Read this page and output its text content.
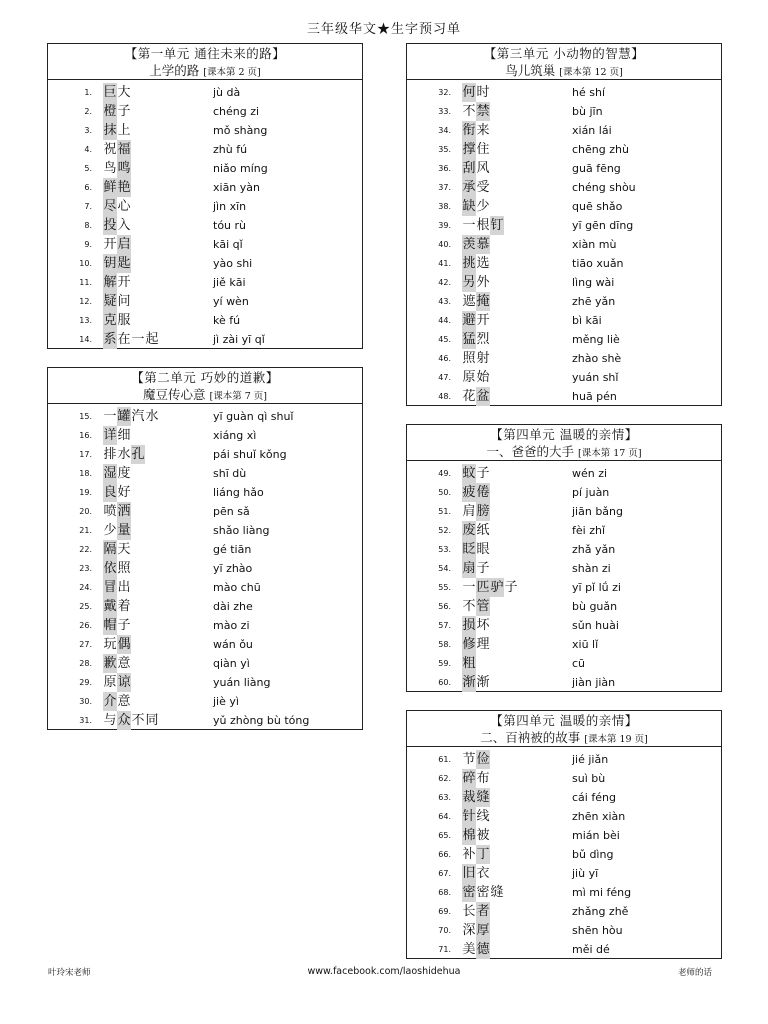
三年级华文★生字预习单
【第一单元 通往未来的路】
上学的路 [课本第 2 页]
1. 巨大	jù dà
2. 橙子	chéng zi
3. 抹上	mǒ shàng
4. 祝福	zhù fú
5. 鸟鸣	niǎo míng
6. 鲜艳	xiān yàn
7. 尽心	jìn xīn
8. 投入	tóu rù
9. 开启	kāi qǐ
10. 钥匙	yào shi
11. 解开	jiě kāi
12. 疑问	yí wèn
13. 克服	kè fú
14. 系在一起	jì zài yī qǐ
【第二单元 巧妙的道歉】
魔豆传心意 [课本第 7 页]
15. 一罐汽水	yī guàn qì shuǐ
16. 详细	xiáng xì
17. 排水孔	pái shuǐ kǒng
18. 湿度	shī dù
19. 良好	liáng hǎo
20. 喷洒	pēn sǎ
21. 少量	shǎo liàng
22. 隔天	gé tiān
23. 依照	yī zhào
24. 冒出	mào chū
25. 戴着	dài zhe
26. 帽子	mào zi
27. 玩偶	wán ǒu
28. 歉意	qiàn yì
29. 原谅	yuán liàng
30. 介意	jiè yì
31. 与众不同	yǔ zhòng bù tóng
【第三单元 小动物的智慧】
鸟儿筑巢 [课本第 12 页]
32. 何时	hé shí
33. 不禁	bù jīn
34. 衔来	xián lái
35. 撑住	chēng zhù
36. 刮风	guā fēng
37. 承受	chéng shòu
38. 缺少	quē shǎo
39. 一根钉	yī gēn dīng
40. 羡慕	xiàn mù
41. 挑选	tiāo xuǎn
42. 另外	lìng wài
43. 遮掩	zhē yǎn
44. 避开	bì kāi
45. 猛烈	měng liè
46. 照射	zhào shè
47. 原始	yuán shǐ
48. 花盆	huā pén
【第四单元 温暖的亲情】
一、爸爸的大手 [课本第 17 页]
49. 蚊子	wén zi
50. 疲倦	pí juàn
51. 肩膀	jiān bǎng
52. 废纸	fèi zhǐ
53. 眨眼	zhǎ yǎn
54. 扇子	shàn zi
55. 一匹驴子	yī pǐ lǘ zi
56. 不管	bù guǎn
57. 损坏	sǔn huài
58. 修理	xiū lǐ
59. 粗	cū
60. 渐渐	jiàn jiàn
【第四单元 温暖的亲情】
二、百衲被的故事 [课本第 19 页]
61. 节俭	jié jiǎn
62. 碎布	suì bù
63. 裁缝	cái féng
64. 针线	zhēn xiàn
65. 棉被	mián bèi
66. 补丁	bǔ dìng
67. 旧衣	jiù yī
68. 密密缝	mì mi féng
69. 长者	zhǎng zhě
70. 深厚	shēn hòu
71. 美德	měi dé
叶玲宋老师	www.facebook.com/laoshidehua	老师的话
